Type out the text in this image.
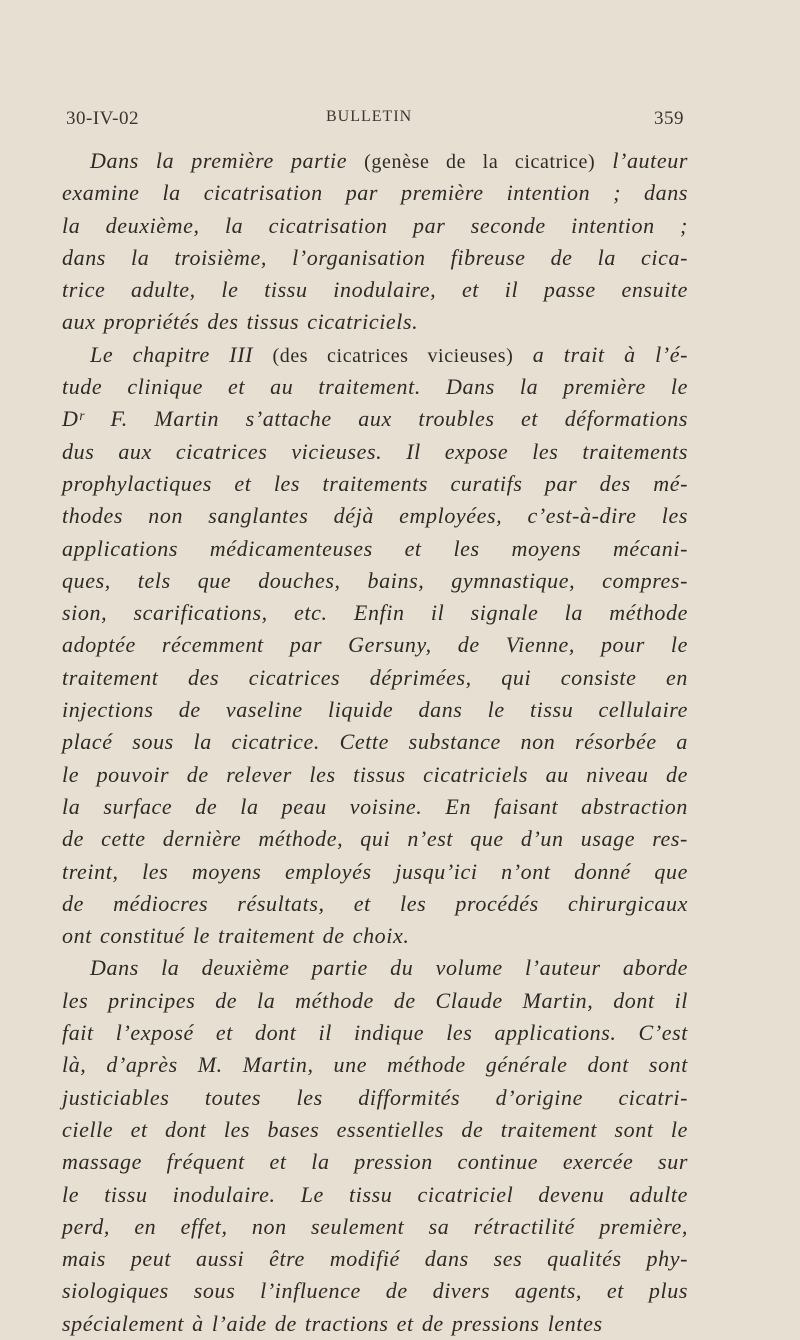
30-IV-02	BULLETIN	359
Dans la première partie (genèse de la cicatrice) l’auteur
examine la cicatrisation par première intention ; dans
la deuxième, la cicatrisation par seconde intention ;
dans la troisième, l’organisation fibreuse de la cica-
trice adulte, le tissu inodulaire, et il passe ensuite
aux propriétés des tissus cicatriciels.
Le chapitre III (des cicatrices vicieuses) a trait à l’é-
tude clinique et au traitement. Dans la première le
Dʳ F. Martin s’attache aux troubles et déformations
dus aux cicatrices vicieuses. Il expose les traitements
prophylactiques et les traitements curatifs par des mé-
thodes non sanglantes déjà employées, c’est-à-dire les
applications médicamenteuses et les moyens mécani-
ques, tels que douches, bains, gymnastique, compres-
sion, scarifications, etc. Enfin il signale la méthode
adoptée récemment par Gersuny, de Vienne, pour le
traitement des cicatrices déprimées, qui consiste en
injections de vaseline liquide dans le tissu cellulaire
placé sous la cicatrice. Cette substance non résorbée a
le pouvoir de relever les tissus cicatriciels au niveau de
la surface de la peau voisine. En faisant abstraction
de cette dernière méthode, qui n’est que d’un usage res-
treint, les moyens employés jusqu’ici n’ont donné que
de médiocres résultats, et les procédés chirurgicaux
ont constitué le traitement de choix.
Dans la deuxième partie du volume l’auteur aborde
les principes de la méthode de Claude Martin, dont il
fait l’exposé et dont il indique les applications. C’est
là, d’après M. Martin, une méthode générale dont sont
justiciables toutes les difformités d’origine cicatri-
cielle et dont les bases essentielles de traitement sont le
massage fréquent et la pression continue exercée sur
le tissu inodulaire. Le tissu cicatriciel devenu adulte
perd, en effet, non seulement sa rétractilité première,
mais peut aussi être modifié dans ses qualités phy-
siologiques sous l’influence de divers agents, et plus
spécialement à l’aide de tractions et de pressions lentes
